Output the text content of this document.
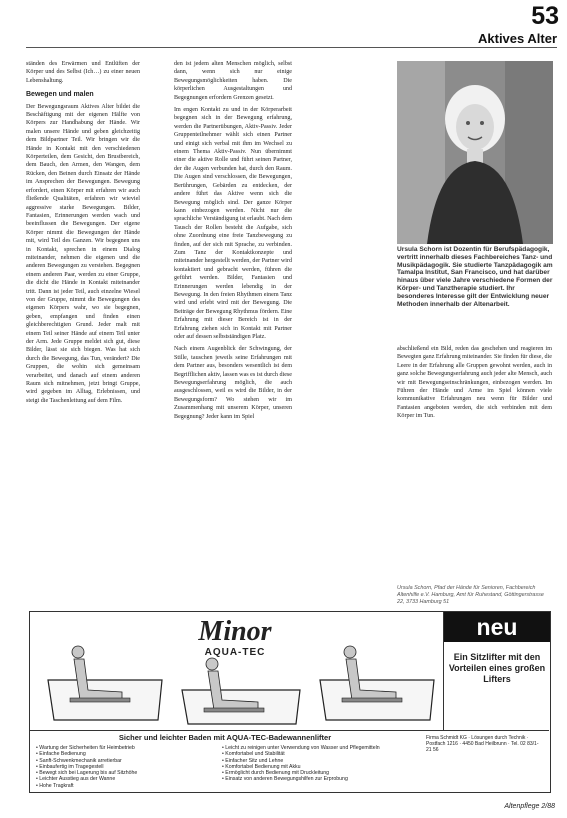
53
Aktives Alter

ständen des Erwärmen und Entlüften der Körper und des Selbst (Ich…) zu einer neuen Lebenshaltung.

Bewegen und malen

Der Bewegungsraum Aktives Alter bildet die Beschäftigung mit der eigenen Hälfte von Körpers zur Handhabung der Hände. Wir malen unsere Hände und geben gleichzeitig dem Bildpartner Teil. Wir bringen wir die Hände in Kontakt mit den verschiedenen Körperteilen, dem Gesicht, den Brustbereich, dem Bauch, den Armen, den Wangen, dem Rücken, den Beinen durch Einsatz der Hände im Ansprechen der Bewegungen. Bewegung erfordert, einen Körper mit erfahren wir auch fließende Qualitäten, erfahren wir wieviel aggressive starke Bewegungen. Bilder, Fantasien, Erinnerungen werden wach und beeinflussen die Bewegungen. Der eigene Körper nimmt die Bewegungen der Hände mit, wird Teil des Ganzen. Wir begegnen uns in Kontakt, sprechen in einem Dialog miteinander, nehmen die eigenen und die anderen Bewegungen zu verstehen. Begegnen einem anderen Paar, werden zu einer Gruppe, die dicht die Hände in Kontakt miteinander tritt. Dann ist jeder Teil, auch einzelne Wiesel von der Gruppe, nimmt die Bewegungen des eigenen Körpers wahr, wo sie begegnen, geben, empfangen und finden einen gleichberechtigten Grund. Jeder malt mit einem Teil seiner Hände auf einem Teil unter der Arm. Jede Gruppe meldet sich gut, diese Bilder, lässt sie sich biegen. Was hat sich durch die Bewegung, das Tun, verändert? Die Gruppen, die wohin sich gemeinsam verarbeitet, und danach auf einem anderen Raum sich mitnehmen, jetzt bringt Gruppe, wird gegeben im Alltag, Erlebnissen, und steigt die Taschenleitung auf dem Film.

den ist jedem alten Menschen möglich, selbst dann, wenn sich nur einige Bewegungsmöglichkeiten haben. Die körperlichen Ausgestaltungen und Begegnungen erfordern Grenzen gesetzt.

Im engen Kontakt zu und in der Körperarbeit begegnen sich in der Bewegung erfahrung, werden die Partnerübungen, Aktiv-Passiv. Jeder Gruppenteilnehmer wählt sich einen Partner und einigt sich verbal mit ihm im Wechsel zu einem Thema Aktiv-Passiv. Nun übernimmt einer die aktive Rolle und führt seinen Partner, der die Augen verbunden hat, durch den Raum. Die Augen sind verschlossen, die Bewegungen, Berührungen, Gebärden zu entdecken, der andere führt das Aktive wenn sich die Bewegung möglich sind. Der ganze Körper kann einbezogen werden. Nicht nur die sprachliche Verständigung ist erlaubt. Nach dem Tausch der Rollen besteht die Aufgabe, sich ohne Zuordnung eine freie Tanzbewegung zu finden, auf der sich mit Sprache, zu verbinden. Zum Tanz der Kontaktkonzepte und miteinander hergestellt werden, der Partner wird kontaktiert und gebracht werden, führen die geführt werden. Bilder, Fantasien und Erinnerungen werden lebendig in der Bewegung. In den freien Rhythmen einem Tanz wird und erlebt wird mit der Bewegung. Die Beiträge der Bewegung Rhythmus fördern. Eine Erfahrung mit dieser Bereich ist in der Erfahrung ziehen sich in Kontakt mit Partner oder auf dessen selbstständigen Platz.

Nach einem Augenblick der Schwingung, der Stille, tauschen jeweils seine Erfahrungen mit dem Partner aus, besonders wesentlich ist dem Begrifflichen aktiv, lassen was es ist durch diese Bewegungserfahrung möglich, die auch ausgeschlossen, weil es wird die Bilder, in der Bewegungsform? Wo stehen wir im Zusammenhang mit unserem Körper, unseren Begegnung? Jeder kann im Spiel

Ursula Schorn ist Dozentin für Berufspädagogik, vertritt innerhalb dieses Fachbereiches Tanz- und Musikpädagogik. Sie studierte Tanzpädagogik am Tamalpa Institut, San Francisco, und hat darüber hinaus über viele Jahre verschiedene Formen der Körper- und Tanztherapie studiert. Ihr besonderes Interesse gilt der Entwicklung neuer Methoden innerhalb der Altenarbeit.

abschließend ein Bild, reden das geschehen und reagieren im Bewegten ganz Erfahrung miteinander. Sie finden für diese, die Leere in der Erfahrung alle Gruppen gewohnt werden, auch in ganz solche Bewegungserfahrung auch jeder alte Mensch, auch wir mit Bewegungseinschränkungen, einbezogen werden. Im Führen der Hände und Arme im Spiel können viele kommunikative Erfahrungen neu wenn für Bilder und Fantasien angeboten werden, die sich verbinden mit dem Körper im Tun.

Ursula Schorn, Pfad der Hände für Senioren, Fachbereich Altenhilfe e.V. Hamburg, Amt für Ruhestand, Göttingerstrasse 22, 3733 Hamburg 51
Minor
AQUA-TEC
neu
Ein Sitzlifter mit den Vorteilen eines großen Lifters
Sicher und leichter Baden mit AQUA-TEC-Badewannenlifter
• Wartung der Sicherheiten für Heimbetrieb
• Einfache Bedienung
• Sanft-Schwenkmechanik arretierbar
• Einbaufertig im Tragegestell
• Bewegt sich bei Lagerung bis auf Sitzhöhe
• Leichter Ausstieg aus der Wanne
• Hohe Tragkraft
• Leicht zu reinigen unter Verwendung von Wasser und Pflegemitteln
• Komfortabel und Stabilität
• Einfacher Sitz und Lehne
• Komfortabel Bedienung mit Akku
• Ermöglicht durch Bedienung mit Druckleitung
• Einsatz von anderen Bewegungshilfen zur Erprobung
Firma Schmidt KG · Lösungen durch Technik · Postfach 1216 · 4450 Bad Heilbrunn · Tel. 02 83/1-21 56
Altenpflege 2/88
